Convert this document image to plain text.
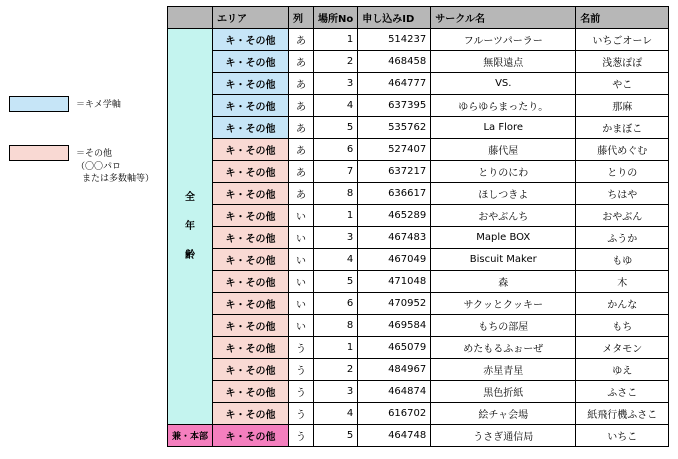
＝キメ学軸
＝その他
（〇〇パロ
または多数軸等）
	エリア	列	場所No	申し込みID	サークル名	名前

全
年
齢	キ・その他	あ	1	514237	フルーツパーラー	いちごオーレ
	キ・その他	あ	2	468458	無限遠点	浅葱ぽぽ
	キ・その他	あ	3	464777	VS.	やこ
	キ・その他	あ	4	637395	ゆらゆらまったり。	那麻
	キ・その他	あ	5	535762	La Flore	かまぼこ
	キ・その他	あ	6	527407	藤代屋	藤代めぐむ
	キ・その他	あ	7	637217	とりのにわ	とりの
	キ・その他	あ	8	636617	ほしつきよ	ちはや
	キ・その他	い	1	465289	おやぶんち	おやぶん
	キ・その他	い	3	467483	Maple BOX	ふうか
	キ・その他	い	4	467049	Biscuit Maker	もゆ
	キ・その他	い	5	471048	森	木
	キ・その他	い	6	470952	サクッとクッキー	かんな
	キ・その他	い	8	469584	もちの部屋	もち
	キ・その他	う	1	465079	めたもるふぉーぜ	メタモン
	キ・その他	う	2	484967	赤星青星	ゆえ
	キ・その他	う	3	464874	黒色折紙	ふさこ
	キ・その他	う	4	616702	絵チャ会場	紙飛行機ふさこ
兼・本部	キ・その他	う	5	464748	うさぎ通信局	いちこ
